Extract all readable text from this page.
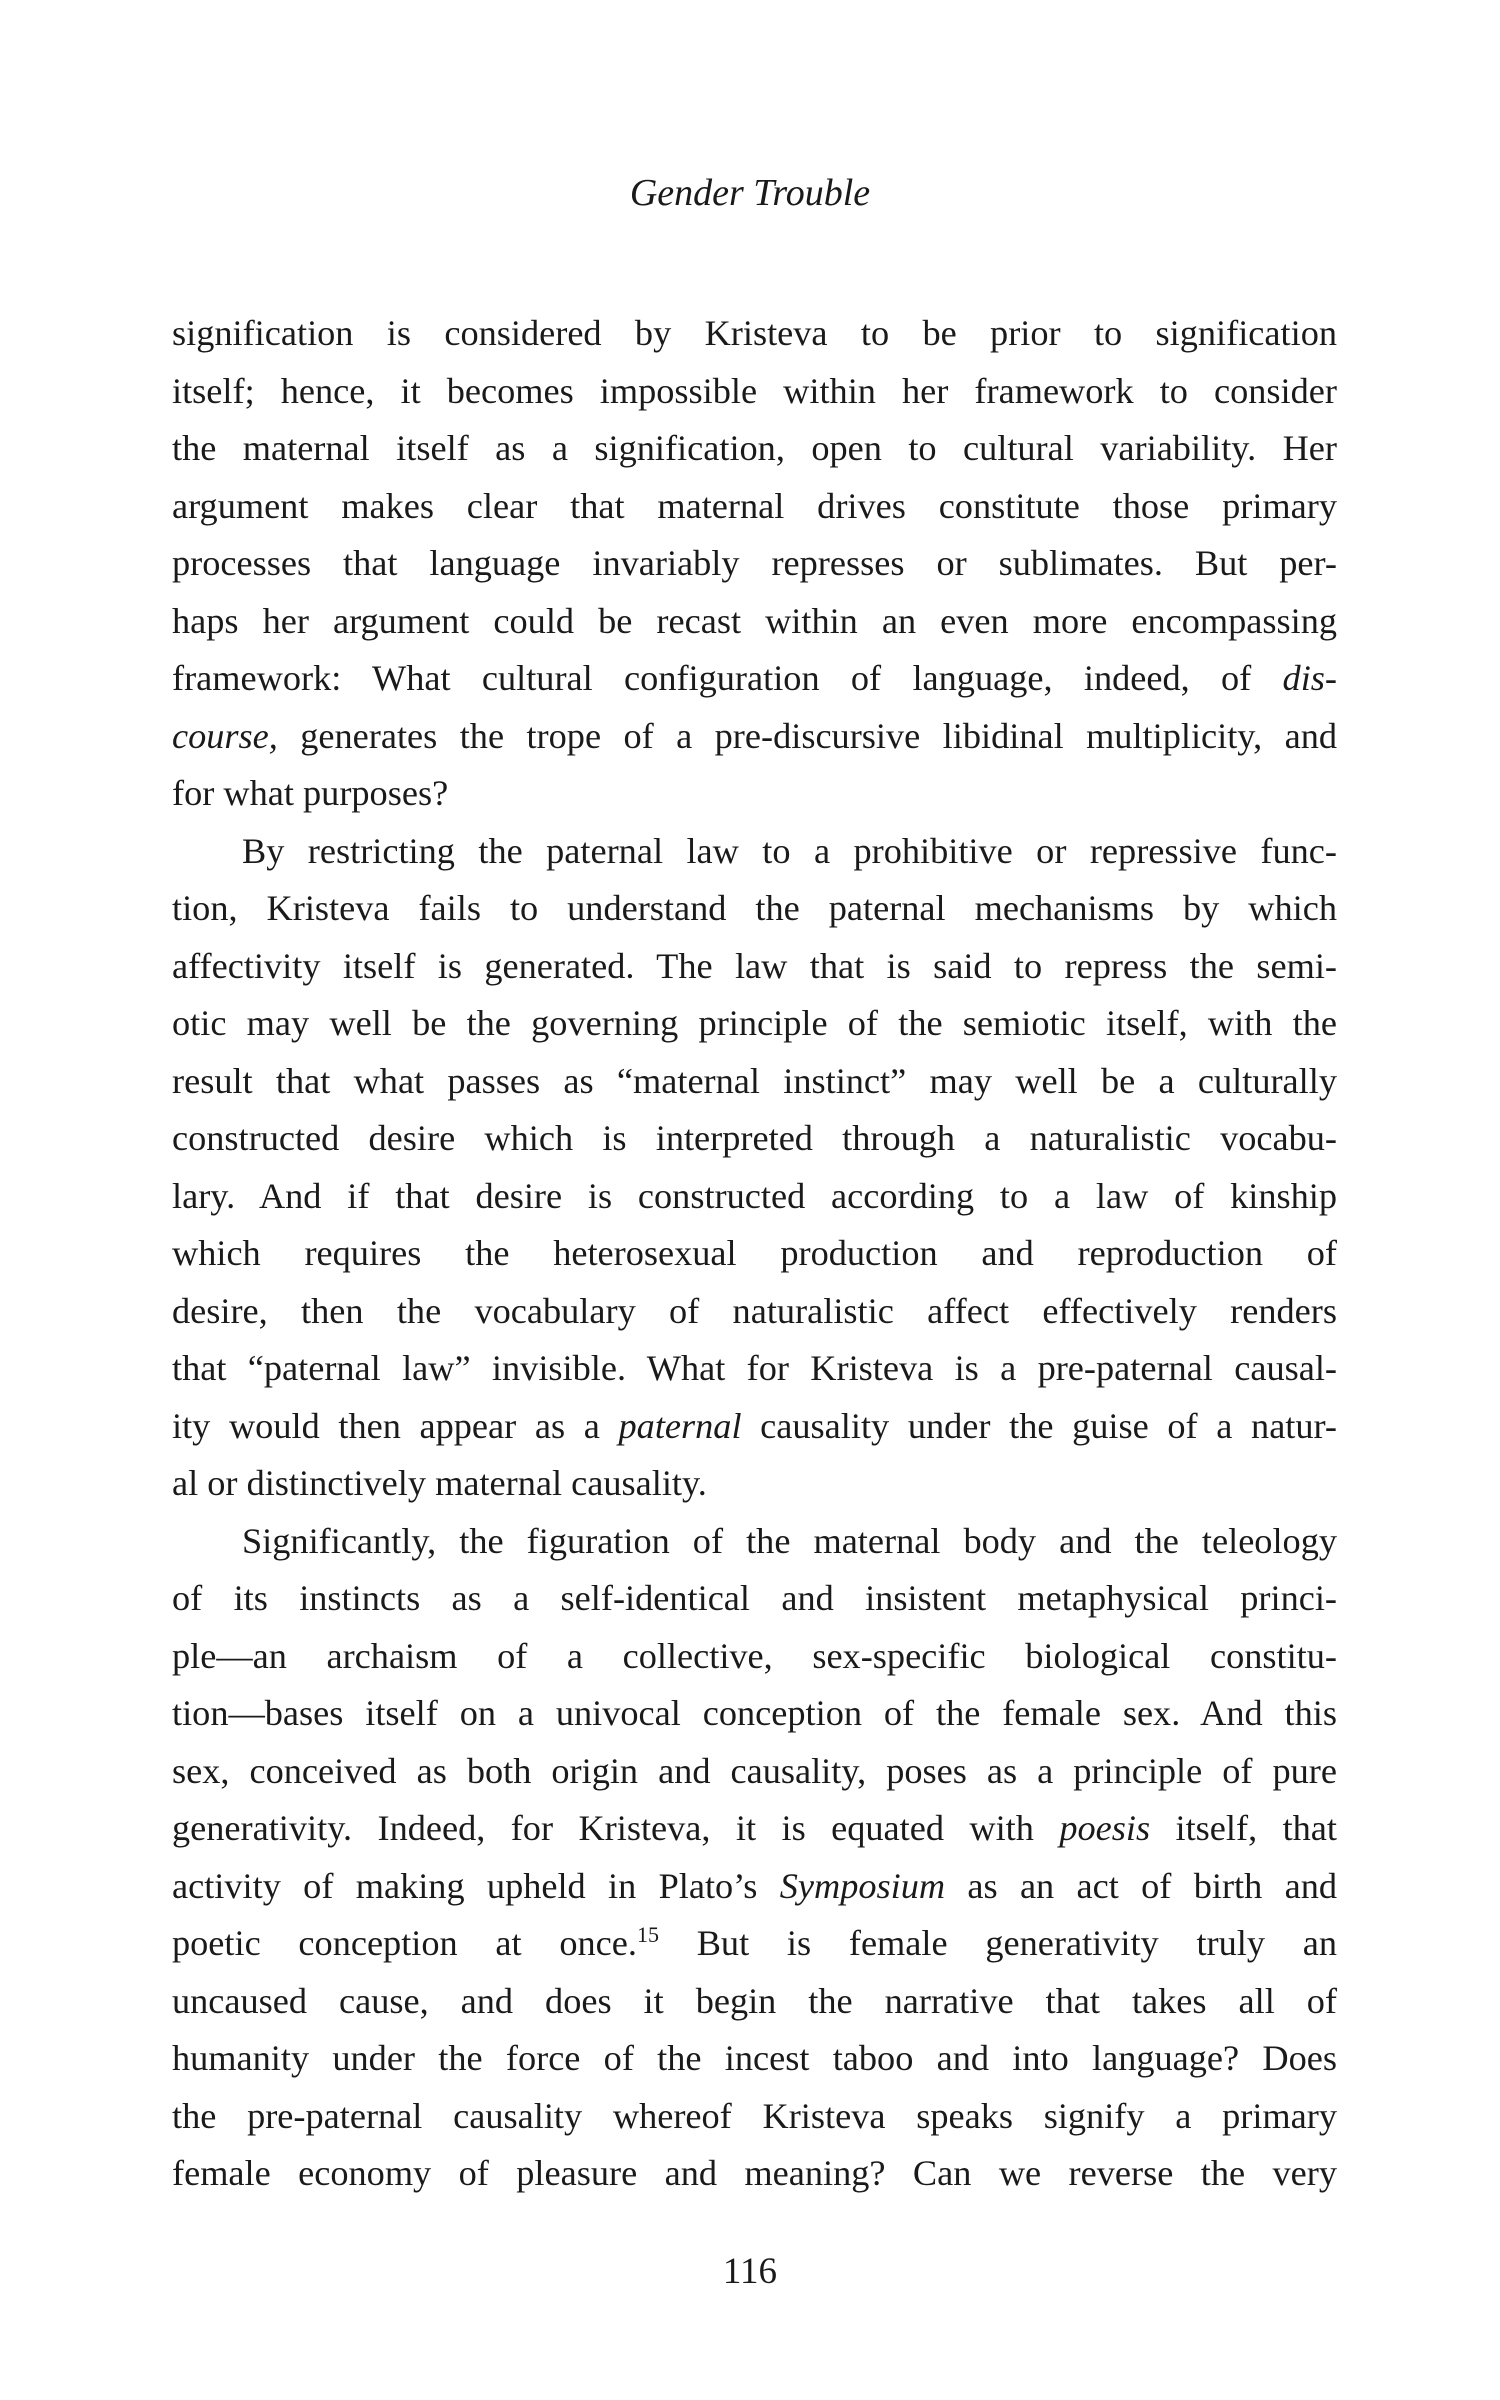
Gender Trouble
signification is considered by Kristeva to be prior to signification
itself; hence, it becomes impossible within her framework to consider
the maternal itself as a signification, open to cultural variability. Her
argument makes clear that maternal drives constitute those primary
processes that language invariably represses or sublimates. But per-
haps her argument could be recast within an even more encompassing
framework: What cultural configuration of language, indeed, of dis-
course, generates the trope of a pre-discursive libidinal multiplicity, and
for what purposes?
By restricting the paternal law to a prohibitive or repressive func-
tion, Kristeva fails to understand the paternal mechanisms by which
affectivity itself is generated. The law that is said to repress the semi-
otic may well be the governing principle of the semiotic itself, with the
result that what passes as “maternal instinct” may well be a culturally
constructed desire which is interpreted through a naturalistic vocabu-
lary. And if that desire is constructed according to a law of kinship
which requires the heterosexual production and reproduction of
desire, then the vocabulary of naturalistic affect effectively renders
that “paternal law” invisible. What for Kristeva is a pre-paternal causal-
ity would then appear as a paternal causality under the guise of a natur-
al or distinctively maternal causality.
Significantly, the figuration of the maternal body and the teleology
of its instincts as a self-identical and insistent metaphysical princi-
ple—an archaism of a collective, sex-specific biological constitu-
tion—bases itself on a univocal conception of the female sex. And this
sex, conceived as both origin and causality, poses as a principle of pure
generativity. Indeed, for Kristeva, it is equated with poesis itself, that
activity of making upheld in Plato’s Symposium as an act of birth and
poetic conception at once.$^{15}$ But is female generativity truly an
uncaused cause, and does it begin the narrative that takes all of
humanity under the force of the incest taboo and into language? Does
the pre-paternal causality whereof Kristeva speaks signify a primary
female economy of pleasure and meaning? Can we reverse the very
116
